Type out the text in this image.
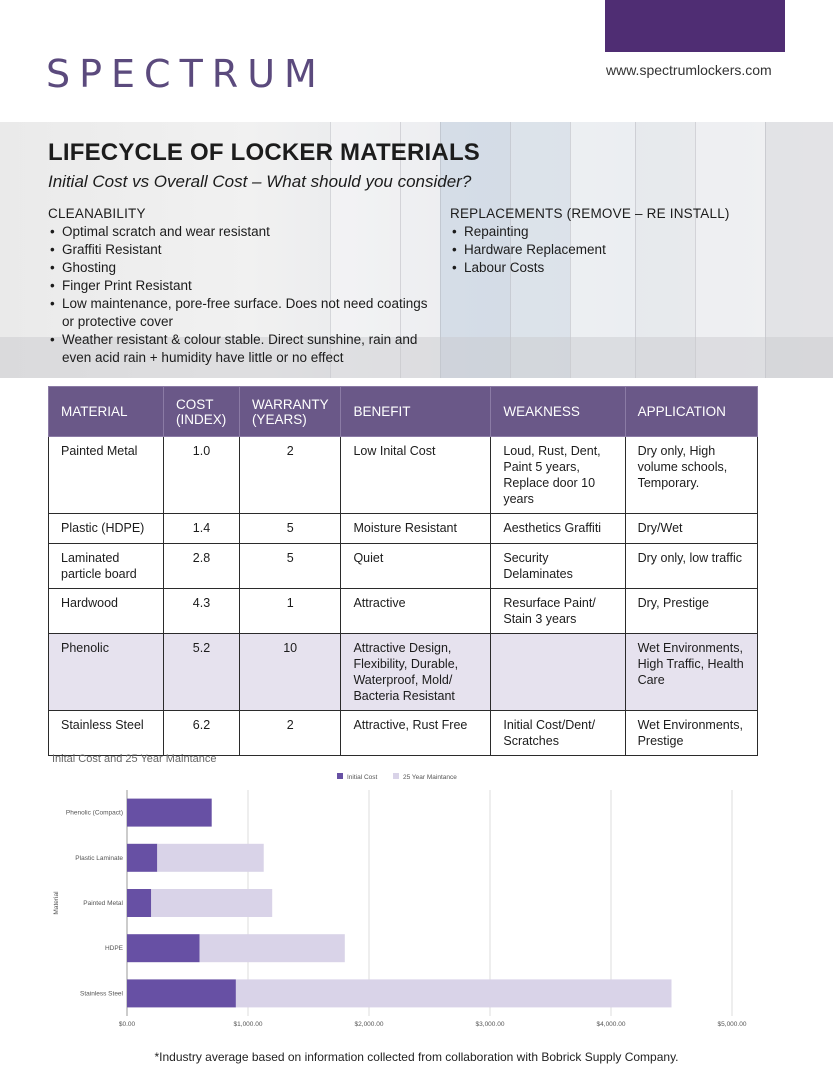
SPECTRUM	www.spectrumlockers.com
LIFECYCLE OF LOCKER MATERIALS
Initial Cost vs Overall Cost – What should you consider?
CLEANABILITY
• Optimal scratch and wear resistant
• Graffiti Resistant
• Ghosting
• Finger Print Resistant
• Low maintenance, pore-free surface. Does not need coatings or protective cover
• Weather resistant & colour stable. Direct sunshine, rain and even acid rain + humidity have little or no effect
REPLACEMENTS (REMOVE – RE INSTALL)
• Repainting
• Hardware Replacement
• Labour Costs
MATERIAL	COST (INDEX)	WARRANTY (YEARS)	BENEFIT	WEAKNESS	APPLICATION
Painted Metal	1.0	2	Low Inital Cost	Loud, Rust, Dent, Paint 5 years, Replace door 10 years	Dry only, High volume schools, Temporary.
Plastic (HDPE)	1.4	5	Moisture Resistant	Aesthetics Graffiti	Dry/Wet
Laminated particle board	2.8	5	Quiet	Security Delaminates	Dry only, low traffic
Hardwood	4.3	1	Attractive	Resurface Paint/ Stain 3 years	Dry, Prestige
Phenolic	5.2	10	Attractive Design, Flexibility, Durable, Waterproof, Mold/ Bacteria Resistant		Wet Environments, High Traffic, Health Care
Stainless Steel	6.2	2	Attractive, Rust Free	Initial Cost/Dent/ Scratches	Wet Environments, Prestige
Inital Cost and 25 Year Maintance
Initial Cost	25 Year Maintance
$0.00	$1,000.00	$2,000.00	$3,000.00	$4,000.00	$5,000.00
Phenolic (Compact)
Plastic Laminate
Painted Metal
HDPE
Stainless Steel
Material
*Industry average based on information collected from collaboration with Bobrick Supply Company.
